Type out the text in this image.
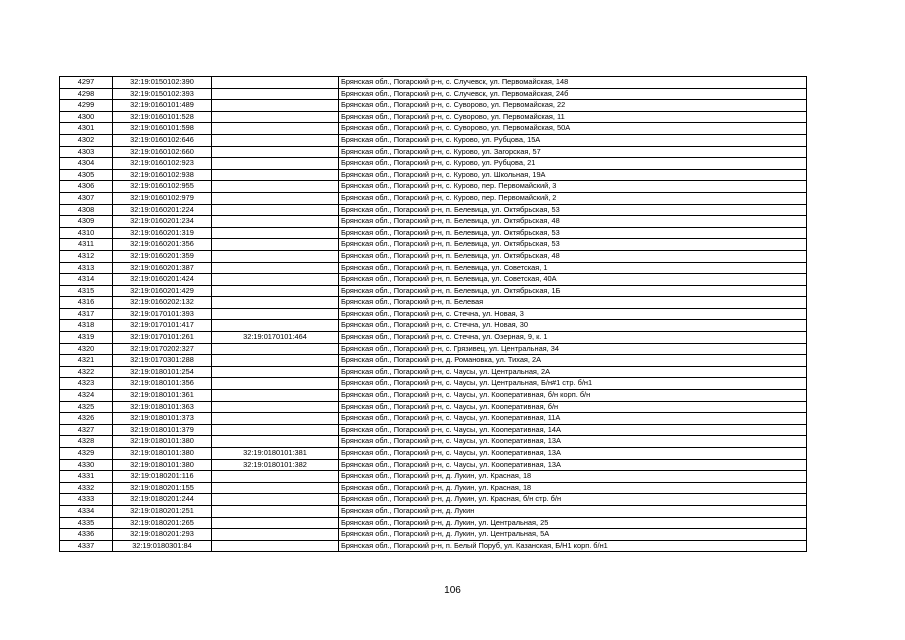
4297	32:19:0150102:390		Брянская обл., Погарский р-н, с. Случевск, ул. Первомайская, 148
4298	32:19:0150102:393		Брянская обл., Погарский р-н, с. Случевск, ул. Первомайская, 24б
4299	32:19:0160101:489		Брянская обл., Погарский р-н, с. Суворово, ул. Первомайская, 22
4300	32:19:0160101:528		Брянская обл., Погарский р-н, с. Суворово, ул. Первомайская, 11
4301	32:19:0160101:598		Брянская обл., Погарский р-н, с. Суворово, ул. Первомайская, 50А
4302	32:19:0160102:646		Брянская обл., Погарский р-н, с. Курово, ул. Рубцова, 15А
4303	32:19:0160102:660		Брянская обл., Погарский р-н, с. Курово, ул. Загорская, 57
4304	32:19:0160102:923		Брянская обл., Погарский р-н, с. Курово, ул. Рубцова, 21
4305	32:19:0160102:938		Брянская обл., Погарский р-н, с. Курово, ул. Школьная, 19А
4306	32:19:0160102:955		Брянская обл., Погарский р-н, с. Курово, пер. Первомайский, 3
4307	32:19:0160102:979		Брянская обл., Погарский р-н, с. Курово, пер. Первомайский, 2
4308	32:19:0160201:224		Брянская обл., Погарский р-н, п. Белевица, ул. Октябрьская, 53
4309	32:19:0160201:234		Брянская обл., Погарский р-н, п. Белевица, ул. Октябрьская, 48
4310	32:19:0160201:319		Брянская обл., Погарский р-н, п. Белевица, ул. Октябрьская, 53
4311	32:19:0160201:356		Брянская обл., Погарский р-н, п. Белевица, ул. Октябрьская, 53
4312	32:19:0160201:359		Брянская обл., Погарский р-н, п. Белевица, ул. Октябрьская, 48
4313	32:19:0160201:387		Брянская обл., Погарский р-н, п. Белевица, ул. Советская, 1
4314	32:19:0160201:424		Брянская обл., Погарский р-н, п. Белевица, ул. Советская, 40А
4315	32:19:0160201:429		Брянская обл., Погарский р-н, п. Белевица, ул. Октябрьская, 1Б
4316	32:19:0160202:132		Брянская обл., Погарский р-н, п. Белевая
4317	32:19:0170101:393		Брянская обл., Погарский р-н, с. Стечна, ул. Новая, 3
4318	32:19:0170101:417		Брянская обл., Погарский р-н, с. Стечна, ул. Новая, 30
4319	32:19:0170101:261	32:19:0170101:464	Брянская обл., Погарский р-н, с. Стечна, ул. Озерная, 9, к. 1
4320	32:19:0170202:327		Брянская обл., Погарский р-н, с. Грязивец, ул. Центральная, 34
4321	32:19:0170301:288		Брянская обл., Погарский р-н, д. Романовка, ул. Тихая, 2А
4322	32:19:0180101:254		Брянская обл., Погарский р-н, с. Чаусы, ул. Центральная, 2А
4323	32:19:0180101:356		Брянская обл., Погарский р-н, с. Чаусы, ул. Центральная, Б/н#1 стр. б/н1
4324	32:19:0180101:361		Брянская обл., Погарский р-н, с. Чаусы, ул. Кооперативная, б/н корп. б/н
4325	32:19:0180101:363		Брянская обл., Погарский р-н, с. Чаусы, ул. Кооперативная, б/н
4326	32:19:0180101:373		Брянская обл., Погарский р-н, с. Чаусы, ул. Кооперативная, 11А
4327	32:19:0180101:379		Брянская обл., Погарский р-н, с. Чаусы, ул. Кооперативная, 14А
4328	32:19:0180101:380		Брянская обл., Погарский р-н, с. Чаусы, ул. Кооперативная, 13А
4329	32:19:0180101:380	32:19:0180101:381	Брянская обл., Погарский р-н, с. Чаусы, ул. Кооперативная, 13А
4330	32:19:0180101:380	32:19:0180101:382	Брянская обл., Погарский р-н, с. Чаусы, ул. Кооперативная, 13А
4331	32:19:0180201:116		Брянская обл., Погарский р-н, д. Лукин, ул. Красная, 18
4332	32:19:0180201:155		Брянская обл., Погарский р-н, д. Лукин, ул. Красная, 18
4333	32:19:0180201:244		Брянская обл., Погарский р-н, д. Лукин, ул. Красная, б/н стр. б/н
4334	32:19:0180201:251		Брянская обл., Погарский р-н, д. Лукин
4335	32:19:0180201:265		Брянская обл., Погарский р-н, д. Лукин, ул. Центральная, 25
4336	32:19:0180201:293		Брянская обл., Погарский р-н, д. Лукин, ул. Центральная, 5А
4337	32:19:0180301:84		Брянская обл., Погарский р-н, п. Белый Поруб, ул. Казанская, Б/Н1 корп. б/н1
106
